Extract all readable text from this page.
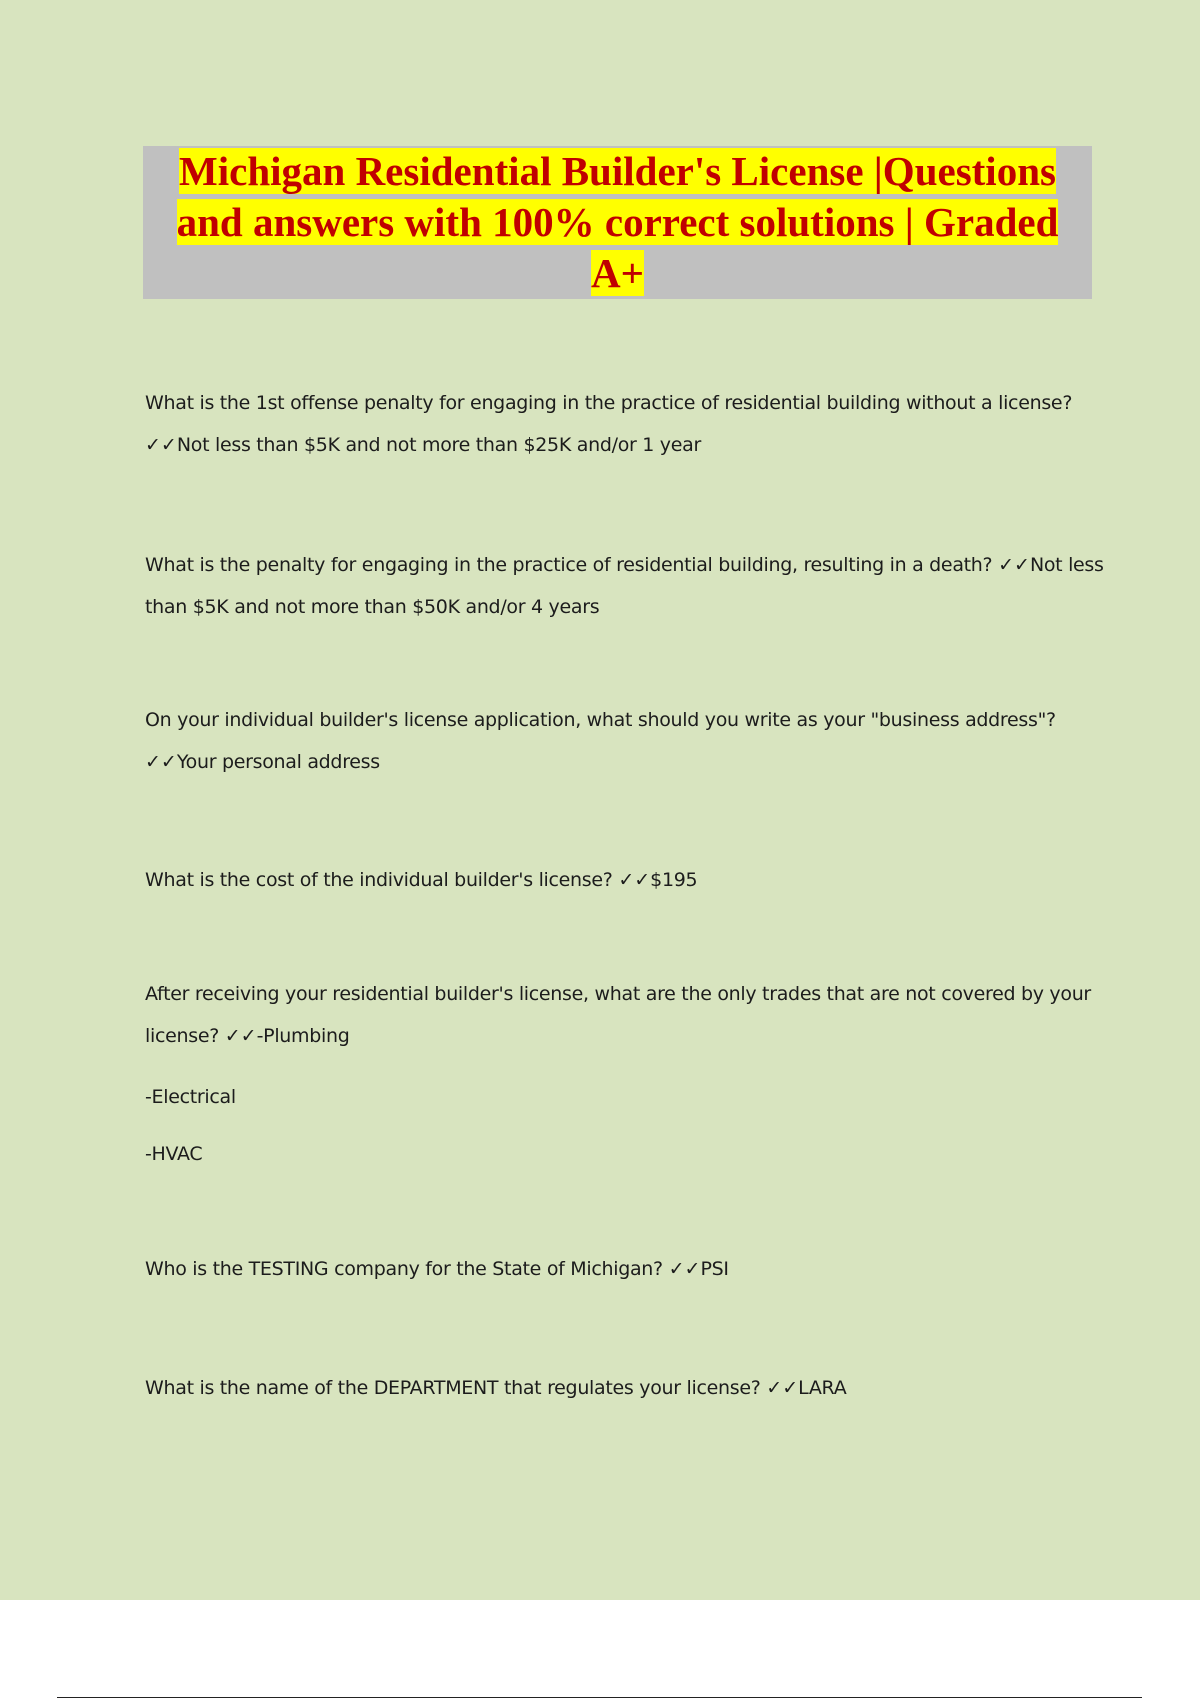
Michigan Residential Builder's License |Questions and answers with 100% correct solutions | Graded A+

What is the 1st offense penalty for engaging in the practice of residential building without a license?
✓✓Not less than $5K and not more than $25K and/or 1 year

What is the penalty for engaging in the practice of residential building, resulting in a death? ✓✓Not less than $5K and not more than $50K and/or 4 years

On your individual builder's license application, what should you write as your "business address"?
✓✓Your personal address

What is the cost of the individual builder's license? ✓✓$195

After receiving your residential builder's license, what are the only trades that are not covered by your license? ✓✓-Plumbing

-Electrical

-HVAC

Who is the TESTING company for the State of Michigan? ✓✓PSI

What is the name of the DEPARTMENT that regulates your license? ✓✓LARA
